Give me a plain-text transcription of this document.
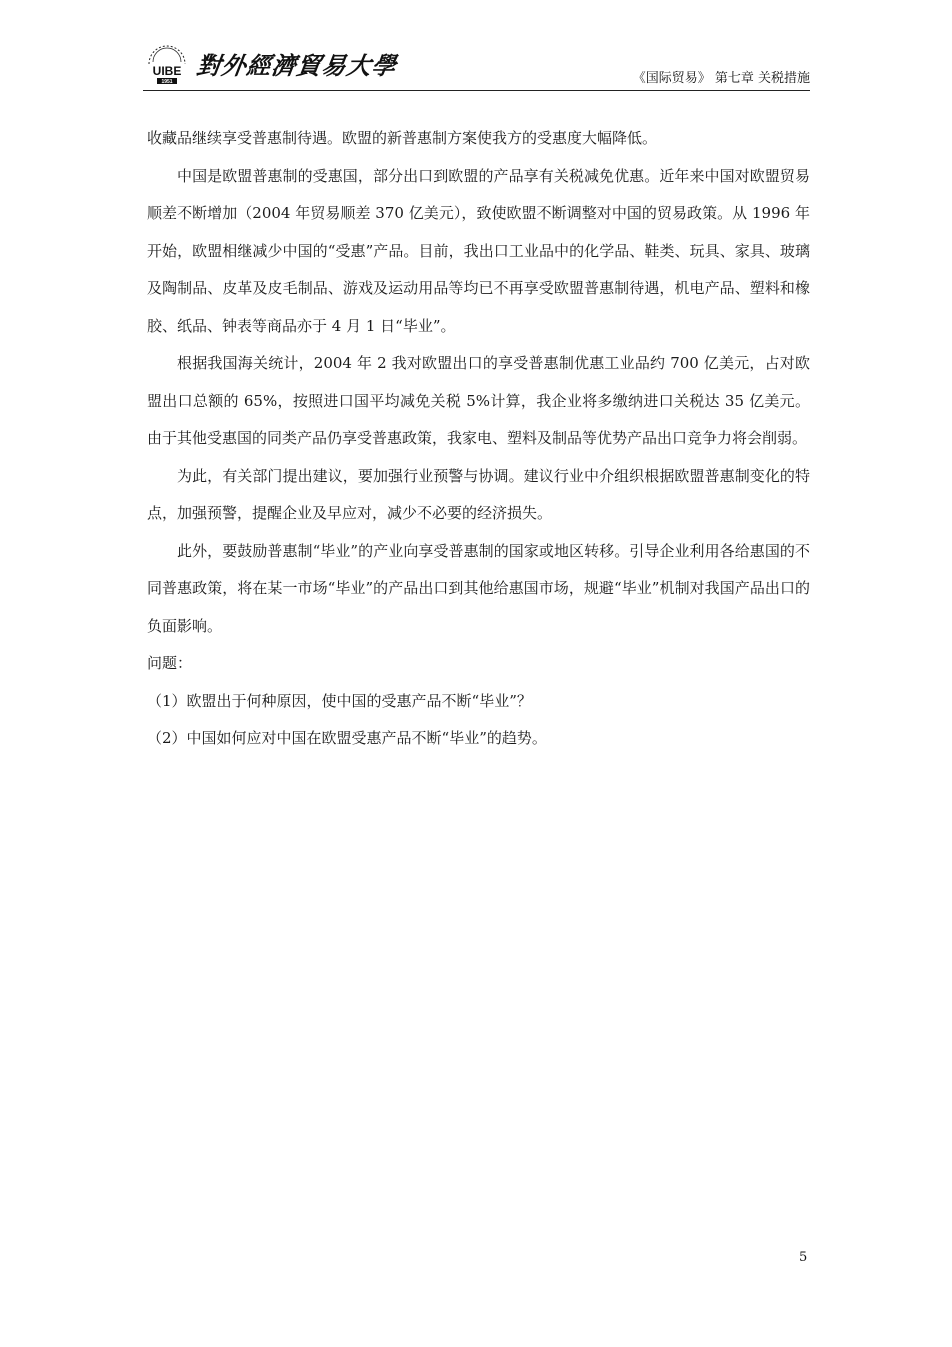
UIBE
1951
對外經濟貿易大學	《国际贸易》 第七章 关税措施

收藏品继续享受普惠制待遇。欧盟的新普惠制方案使我方的受惠度大幅降低。

中国是欧盟普惠制的受惠国，部分出口到欧盟的产品享有关税减免优惠。近年来中国对欧盟贸易顺差不断增加（2004 年贸易顺差 370 亿美元），致使欧盟不断调整对中国的贸易政策。从 1996 年开始，欧盟相继减少中国的“受惠”产品。目前，我出口工业品中的化学品、鞋类、玩具、家具、玻璃及陶制品、皮革及皮毛制品、游戏及运动用品等均已不再享受欧盟普惠制待遇，机电产品、塑料和橡胶、纸品、钟表等商品亦于 4 月 1 日“毕业”。

根据我国海关统计，2004 年 2 我对欧盟出口的享受普惠制优惠工业品约 700 亿美元，占对欧盟出口总额的 65%，按照进口国平均减免关税 5%计算，我企业将多缴纳进口关税达 35 亿美元。由于其他受惠国的同类产品仍享受普惠政策，我家电、塑料及制品等优势产品出口竞争力将会削弱。

为此，有关部门提出建议，要加强行业预警与协调。建议行业中介组织根据欧盟普惠制变化的特点，加强预警，提醒企业及早应对，减少不必要的经济损失。

此外，要鼓励普惠制“毕业”的产业向享受普惠制的国家或地区转移。引导企业利用各给惠国的不同普惠政策，将在某一市场“毕业”的产品出口到其他给惠国市场，规避“毕业”机制对我国产品出口的负面影响。

问题：

（1）欧盟出于何种原因，使中国的受惠产品不断“毕业”？

（2）中国如何应对中国在欧盟受惠产品不断“毕业”的趋势。

5
